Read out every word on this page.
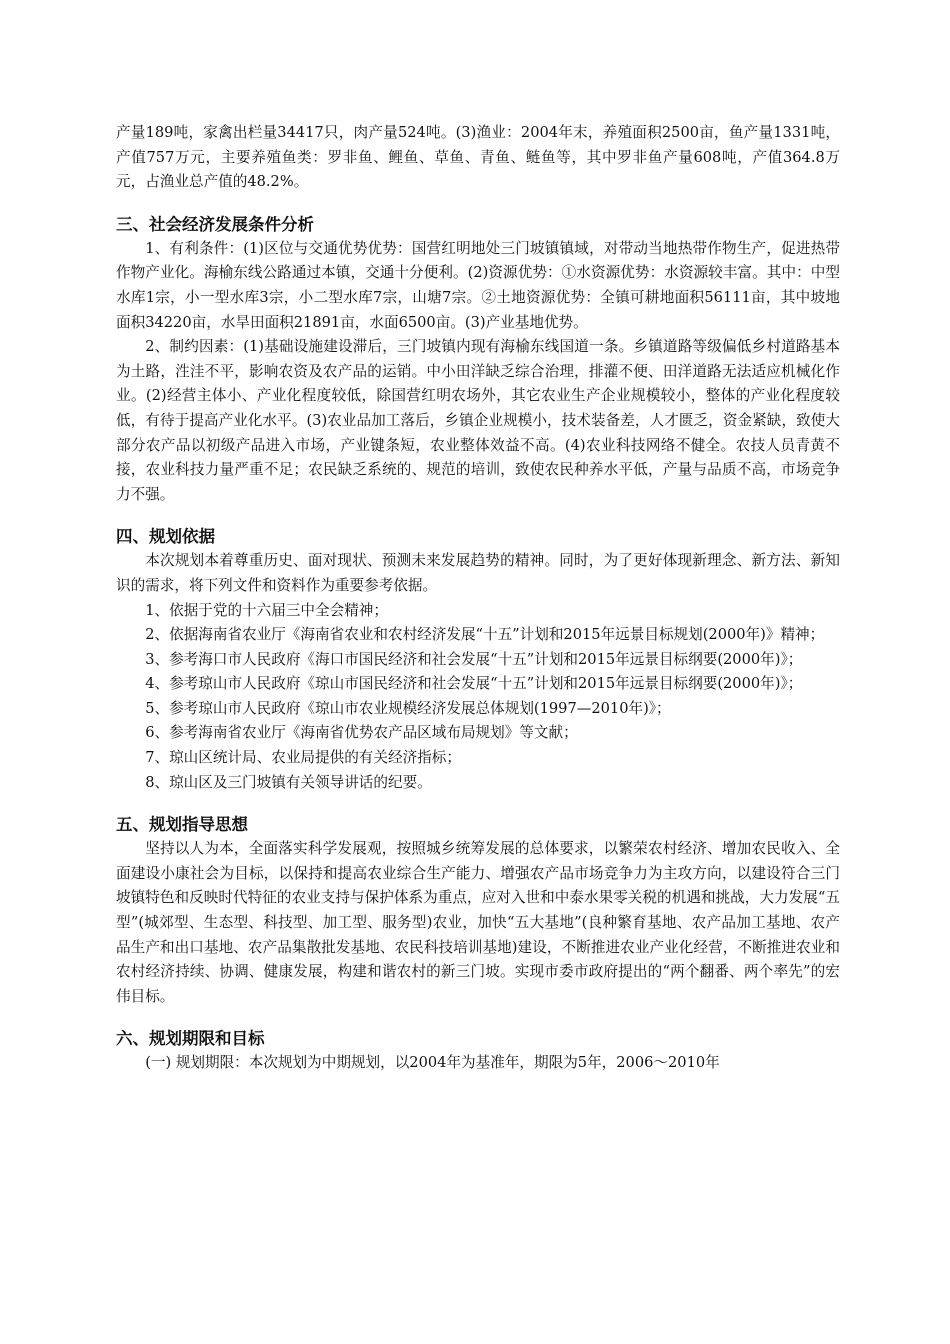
产量189吨，家禽出栏量34417只，肉产量524吨。(3)渔业：2004年末，养殖面积2500亩，鱼产量1331吨，产值757万元，主要养殖鱼类：罗非鱼、鲤鱼、草鱼、青鱼、鲢鱼等，其中罗非鱼产量608吨，产值364.8万元，占渔业总产值的48.2%。

三、社会经济发展条件分析

1、有利条件：(1)区位与交通优势优势：国营红明地处三门坡镇镇域，对带动当地热带作物生产，促进热带作物产业化。海榆东线公路通过本镇，交通十分便利。(2)资源优势：①水资源优势：水资源较丰富。其中：中型水库1宗，小一型水库3宗，小二型水库7宗，山塘7宗。②土地资源优势：全镇可耕地面积56111亩，其中坡地面积34220亩，水旱田面积21891亩，水面6500亩。(3)产业基地优势。

2、制约因素：(1)基础设施建设滞后，三门坡镇内现有海榆东线国道一条。乡镇道路等级偏低乡村道路基本为土路，泩洼不平，影响农资及农产品的运销。中小田洋缺乏综合治理，排灌不便、田洋道路无法适应机械化作业。(2)经营主体小、产业化程度较低，除国营红明农场外，其它农业生产企业规模较小，整体的产业化程度较低，有待于提高产业化水平。(3)农业品加工落后，乡镇企业规模小，技术装备差，人才匮乏，资金紧缺，致使大部分农产品以初级产品进入市场，产业键条短，农业整体效益不高。(4)农业科技网络不健全。农技人员青黄不接，农业科技力量严重不足；农民缺乏系统的、规范的培训，致使农民种养水平低，产量与品质不高，市场竞争力不强。

四、规划依据

本次规划本着尊重历史、面对现状、预测未来发展趋势的精神。同时，为了更好体现新理念、新方法、新知识的需求，将下列文件和资料作为重要参考依据。

1、依据于党的十六届三中全会精神；

2、依据海南省农业厅《海南省农业和农村经济发展“十五”计划和2015年远景目标规划(2000年)》精神；

3、参考海口市人民政府《海口市国民经济和社会发展“十五”计划和2015年远景目标纲要(2000年)》；

4、参考琼山市人民政府《琼山市国民经济和社会发展“十五”计划和2015年远景目标纲要(2000年)》；

5、参考琼山市人民政府《琼山市农业规模经济发展总体规划(1997—2010年)》；

6、参考海南省农业厅《海南省优势农产品区域布局规划》等文献；

7、琼山区统计局、农业局提供的有关经济指标；

8、琼山区及三门坡镇有关领导讲话的纪要。

五、规划指导思想

坚持以人为本，全面落实科学发展观，按照城乡统筹发展的总体要求，以繁荣农村经济、增加农民收入、全面建设小康社会为目标，以保持和提高农业综合生产能力、增强农产品市场竞争力为主攻方向，以建设符合三门坡镇特色和反映时代特征的农业支持与保护体系为重点，应对入世和中泰水果零关税的机遇和挑战，大力发展“五型”(城郊型、生态型、科技型、加工型、服务型)农业，加快“五大基地”(良种繁育基地、农产品加工基地、农产品生产和出口基地、农产品集散批发基地、农民科技培训基地)建设，不断推进农业产业化经营，不断推进农业和农村经济持续、协调、健康发展，构建和谐农村的新三门坡。实现市委市政府提出的“两个翻番、两个率先”的宏伟目标。

六、规划期限和目标

(一) 规划期限：本次规划为中期规划，以2004年为基准年，期限为5年，2006～2010年
